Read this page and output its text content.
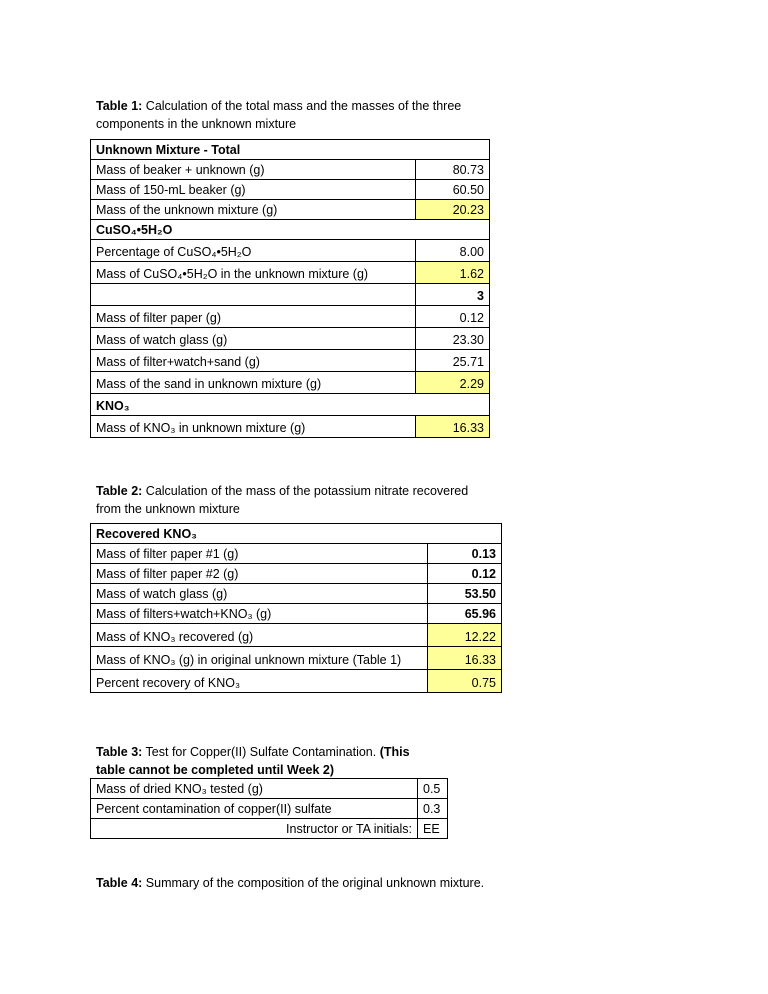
Table 1: Calculation of the total mass and the masses of the three components in the unknown mixture
Unknown Mixture - Total	
Mass of beaker + unknown (g)	80.73
Mass of 150-mL beaker (g)	60.50
Mass of the unknown mixture (g)	20.23
CuSO₄•5H₂O	
Percentage of CuSO₄•5H₂O	8.00
Mass of CuSO₄•5H₂O in the unknown mixture (g)	1.62
	3
Mass of filter paper (g)	0.12
Mass of watch glass (g)	23.30
Mass of filter+watch+sand (g)	25.71
Mass of the sand in unknown mixture (g)	2.29
KNO₃	
Mass of KNO₃ in unknown mixture (g)	16.33
Table 2: Calculation of the mass of the potassium nitrate recovered from the unknown mixture
Recovered KNO₃	
Mass of filter paper #1 (g)	0.13
Mass of filter paper #2 (g)	0.12
Mass of watch glass (g)	53.50
Mass of filters+watch+KNO₃ (g)	65.96
Mass of KNO₃ recovered (g)	12.22
Mass of KNO₃ (g) in original unknown mixture (Table 1)	16.33
Percent recovery of KNO₃	0.75
Table 3: Test for Copper(II) Sulfate Contamination. (This table cannot be completed until Week 2)
Mass of dried KNO₃ tested (g)	0.5
Percent contamination of copper(II) sulfate	0.3
Instructor or TA initials:	EE
Table 4: Summary of the composition of the original unknown mixture.
